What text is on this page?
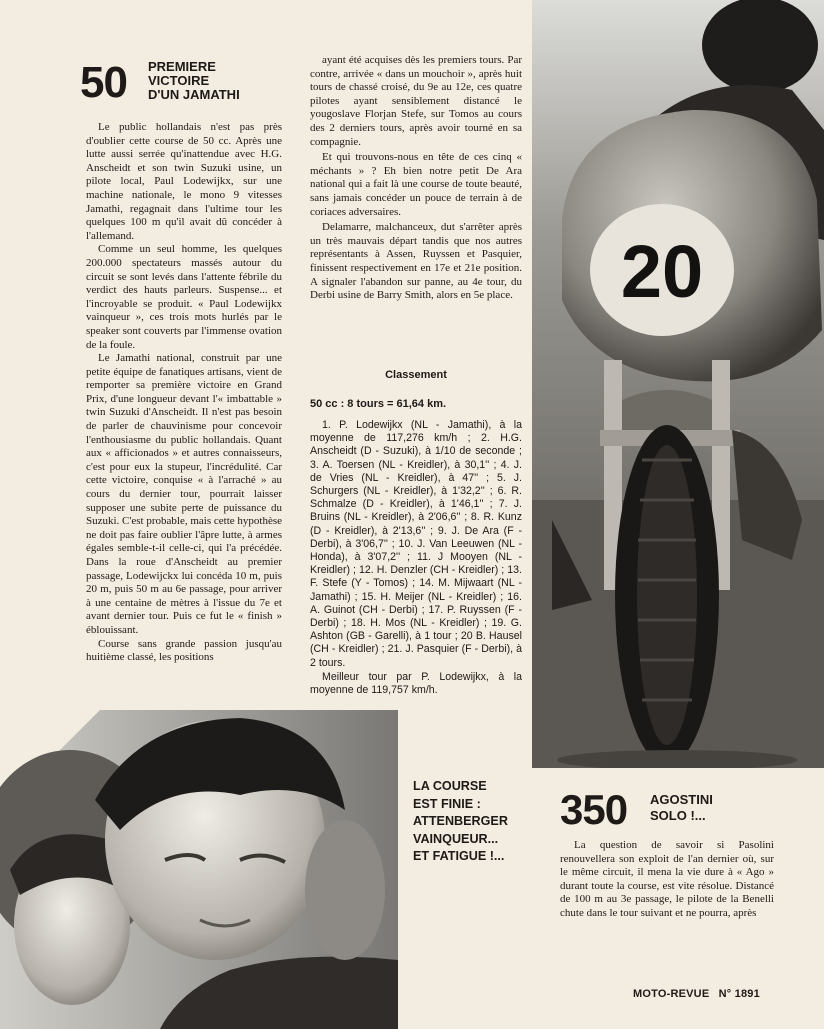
50 PREMIERE
VICTOIRE
D'UN JAMATHI

Le public hollandais n'est pas près d'oublier cette course de 50 cc. Après une lutte aussi serrée qu'inattendue avec H.G. Anscheidt et son twin Suzuki usine, un pilote local, Paul Lodewijkx, sur une machine nationale, le mono 9 vitesses Jamathi, regagnait dans l'ultime tour les quelques 100 m qu'il avait dû concéder à l'allemand.

Comme un seul homme, les quelques 200.000 spectateurs massés autour du circuit se sont levés dans l'attente fébrile du verdict des hauts parleurs. Suspense... et l'incroyable se produit. « Paul Lodewijkx vainqueur », ces trois mots hurlés par le speaker sont couverts par l'immense ovation de la foule.

Le Jamathi national, construit par une petite équipe de fanatiques artisans, vient de remporter sa première victoire en Grand Prix, d'une longueur devant l'« imbattable » twin Suzuki d'Anscheidt. Il n'est pas besoin de parler de chauvinisme pour concevoir l'enthousiasme du public hollandais. Quant aux « afficionados » et autres connaisseurs, c'est pour eux la stupeur, l'incrédulité. Car cette victoire, conquise « à l'arraché » au cours du dernier tour, pourrait laisser supposer une subite perte de puissance du Suzuki. C'est probable, mais cette hypothèse ne doit pas faire oublier l'âpre lutte, à armes égales semble-t-il celle-ci, qui l'a précédée. Dans la roue d'Anscheidt au premier passage, Lodewijckx lui concéda 10 m, puis 20 m, puis 50 m au 6e passage, pour arriver à une centaine de mètres à l'issue du 7e et avant dernier tour. Puis ce fut le « finish » éblouissant.

Course sans grande passion jusqu'au huitième classé, les positions

ayant été acquises dès les premiers tours. Par contre, arrivée « dans un mouchoir », après huit tours de chassé croisé, du 9e au 12e, ces quatre pilotes ayant sensiblement distancé le yougoslave Florjan Stefe, sur Tomos au cours des 2 derniers tours, après avoir tourné en sa compagnie.

Et qui trouvons-nous en tête de ces cinq « méchants » ? Eh bien notre petit De Ara national qui a fait là une course de toute beauté, sans jamais concéder un pouce de terrain à de coriaces adversaires.

Delamarre, malchanceux, dut s'arrêter après un très mauvais départ tandis que nos autres représentants à Assen, Ruyssen et Pasquier, finissent respectivement en 17e et 21e position. A signaler l'abandon sur panne, au 4e tour, du Derbi usine de Barry Smith, alors en 5e place.

Classement
50 cc : 8 tours = 61,64 km.

1. P. Lodewijkx (NL - Jamathi), à la moyenne de 117,276 km/h ; 2. H.G. Anscheidt (D - Suzuki), à 1/10 de seconde ; 3. A. Toersen (NL - Kreidler), à 30,1'' ; 4. J. de Vries (NL - Kreidler), à 47'' ; 5. J. Schurgers (NL - Kreidler), à 1'32,2'' ; 6. R. Schmalze (D - Kreidler), à 1'46,1'' ; 7. J. Bruins (NL - Kreidler), à 2'06,6'' ; 8. R. Kunz (D - Kreidler), à 2'13,6'' ; 9. J. De Ara (F - Derbi), à 3'06,7'' ; 10. J. Van Leeuwen (NL - Honda), à 3'07,2'' ; 11. J Mooyen (NL - Kreidler) ; 12. H. Denzler (CH - Kreidler) ; 13. F. Stefe (Y - Tomos) ; 14. M. Mijwaart (NL - Jamathi) ; 15. H. Meijer (NL - Kreidler) ; 16. A. Guinot (CH - Derbi) ; 17. P. Ruyssen (F - Derbi) ; 18. H. Mos (NL - Kreidler) ; 19. G. Ashton (GB - Garelli), à 1 tour ; 20 B. Hausel (CH - Kreidler) ; 21. J. Pasquier (F - Derbi), à 2 tours.

Meilleur tour par P. Lodewijkx, à la moyenne de 119,757 km/h.

20
LA COURSE
EST FINIE :
ATTENBERGER
VAINQUEUR...
ET FATIGUE !...
350 AGOSTINI
SOLO !...

La question de savoir si Pasolini renouvellera son exploit de l'an dernier où, sur le même circuit, il mena la vie dure à « Ago » durant toute la course, est vite résolue. Distancé de 100 m au 3e passage, le pilote de la Benelli chute dans le tour suivant et ne pourra, après

MOTO-REVUE N° 1891
